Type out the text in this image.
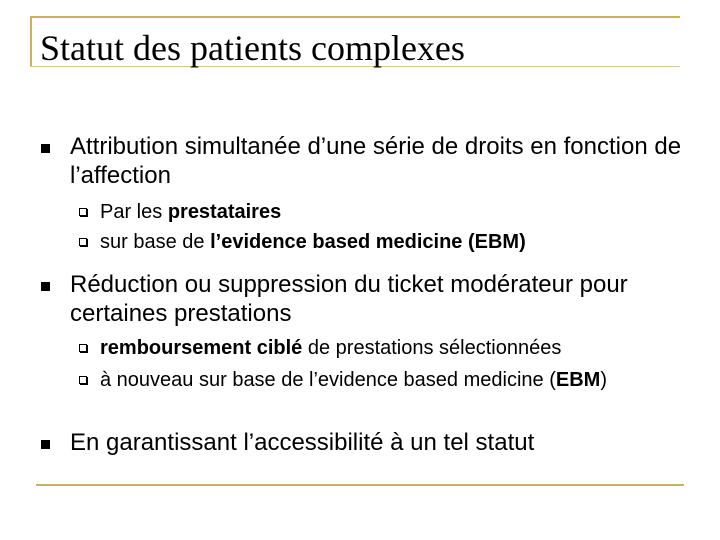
Statut des patients complexes
Attribution simultanée d’une série de droits en fonction de l’affection
Par les prestataires
sur base de l’evidence based medicine (EBM)
Réduction ou suppression du ticket modérateur pour certaines prestations
remboursement ciblé de prestations sélectionnées
à nouveau sur base de l’evidence based medicine (EBM)
En garantissant l’accessibilité à un tel statut
